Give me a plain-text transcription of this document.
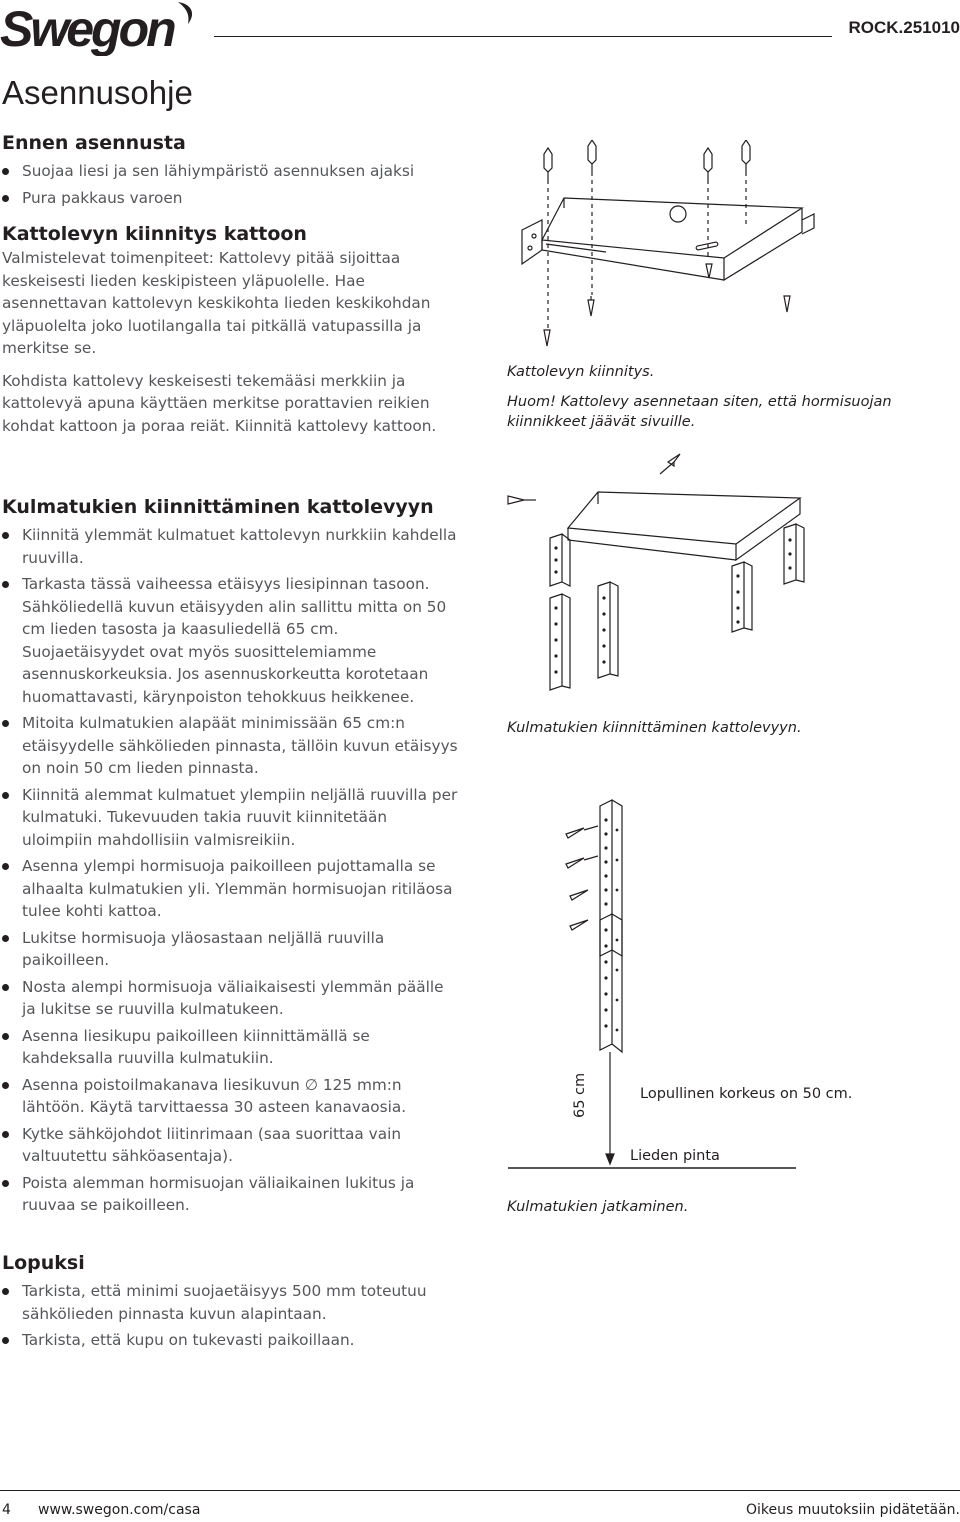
Swegon	ROCK.251010
Asennusohje
Ennen asennusta
Suojaa liesi ja sen lähiympäristö asennuksen ajaksi
Pura pakkaus varoen
Kattolevyn kiinnitys kattoon

Valmistelevat toimenpiteet: Kattolevy pitää sijoittaa keskeisesti lieden keskipisteen yläpuolelle. Hae asennettavan kattolevyn keskikohta lieden keskikohdan yläpuolelta joko luotilangalla tai pitkällä vatupassilla ja merkitse se.

Kohdista kattolevy keskeisesti tekemääsi merkkiin ja kattolevyä apuna käyttäen merkitse porattavien reikien kohdat kattoon ja poraa reiät. Kiinnitä kattolevy kattoon.

Kulmatukien kiinnittäminen kattolevyyn
Kiinnitä ylemmät kulmatuet kattolevyn nurkkiin kahdella ruuvilla.
Tarkasta tässä vaiheessa etäisyys liesipinnan tasoon. Sähköliedellä kuvun etäisyyden alin sallittu mitta on 50 cm lieden tasosta ja kaasuliedellä 65 cm. Suojaetäisyydet ovat myös suosittelemiamme asennuskorkeuksia. Jos asennuskorkeutta korotetaan huomattavasti, kärynpoiston tehokkuus heikkenee.
Mitoita kulmatukien alapäät minimissään 65 cm:n etäisyydelle sähkölieden pinnasta, tällöin kuvun etäisyys on noin 50 cm lieden pinnasta.
Kiinnitä alemmat kulmatuet ylempiin neljällä ruuvilla per kulmatuki. Tukevuuden takia ruuvit kiinnitetään uloimpiin mahdollisiin valmisreikiin.
Asenna ylempi hormisuoja paikoilleen pujottamalla se alhaalta kulmatukien yli. Ylemmän hormisuojan ritiläosa tulee kohti kattoa.
Lukitse hormisuoja yläosastaan neljällä ruuvilla paikoilleen.
Nosta alempi hormisuoja väliaikaisesti ylemmän päälle ja lukitse se ruuvilla kulmatukeen.
Asenna liesikupu paikoilleen kiinnittämällä se kahdeksalla ruuvilla kulmatukiin.
Asenna poistoilmakanava liesikuvun ∅ 125 mm:n lähtöön. Käytä tarvittaessa 30 asteen kanavaosia.
Kytke sähköjohdot liitinrimaan (saa suorittaa vain valtuutettu sähköasentaja).
Poista alemman hormisuojan väliaikainen lukitus ja ruuvaa se paikoilleen.
Lopuksi
Tarkista, että minimi suojaetäisyys 500 mm toteutuu sähkölieden pinnasta kuvun alapintaan.
Tarkista, että kupu on tukevasti paikoillaan.
Kattolevyn kiinnitys.
Huom! Kattolevy asennetaan siten, että hormisuojan kiinnikkeet jäävät sivuille.
Kulmatukien kiinnittäminen kattolevyyn.
65 cm	Lopullinen korkeus on 50 cm.
Lieden pinta
Kulmatukien jatkaminen.
4 www.swegon.com/casa	Oikeus muutoksiin pidätetään.
